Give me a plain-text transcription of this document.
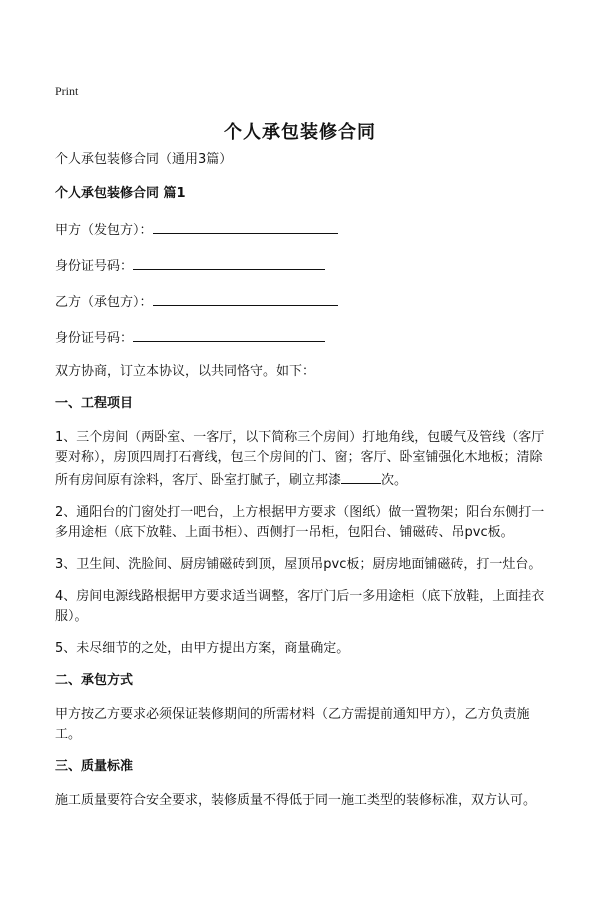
Print
个人承包装修合同

个人承包装修合同（通用3篇）

个人承包装修合同 篇1

甲方（发包方）：

身份证号码：

乙方（承包方）：

身份证号码：

双方协商，订立本协议，以共同恪守。如下：

一、工程项目

1、三个房间（两卧室、一客厅，以下简称三个房间）打地角线，包暖气及管线（客厅要对称），房顶四周打石膏线，包三个房间的门、窗；客厅、卧室铺强化木地板；清除所有房间原有涂料，客厅、卧室打腻子，刷立邦漆	次。

2、通阳台的门窗处打一吧台，上方根据甲方要求（图纸）做一置物架；阳台东侧打一多用途柜（底下放鞋、上面书柜）、西侧打一吊柜，包阳台、铺磁砖、吊pvc板。

3、卫生间、洗脸间、厨房铺磁砖到顶，屋顶吊pvc板；厨房地面铺磁砖，打一灶台。

4、房间电源线路根据甲方要求适当调整，客厅门后一多用途柜（底下放鞋，上面挂衣服）。

5、未尽细节的之处，由甲方提出方案，商量确定。

二、承包方式

甲方按乙方要求必须保证装修期间的所需材料（乙方需提前通知甲方），乙方负责施工。

三、质量标准

施工质量要符合安全要求，装修质量不得低于同一施工类型的装修标准，双方认可。
